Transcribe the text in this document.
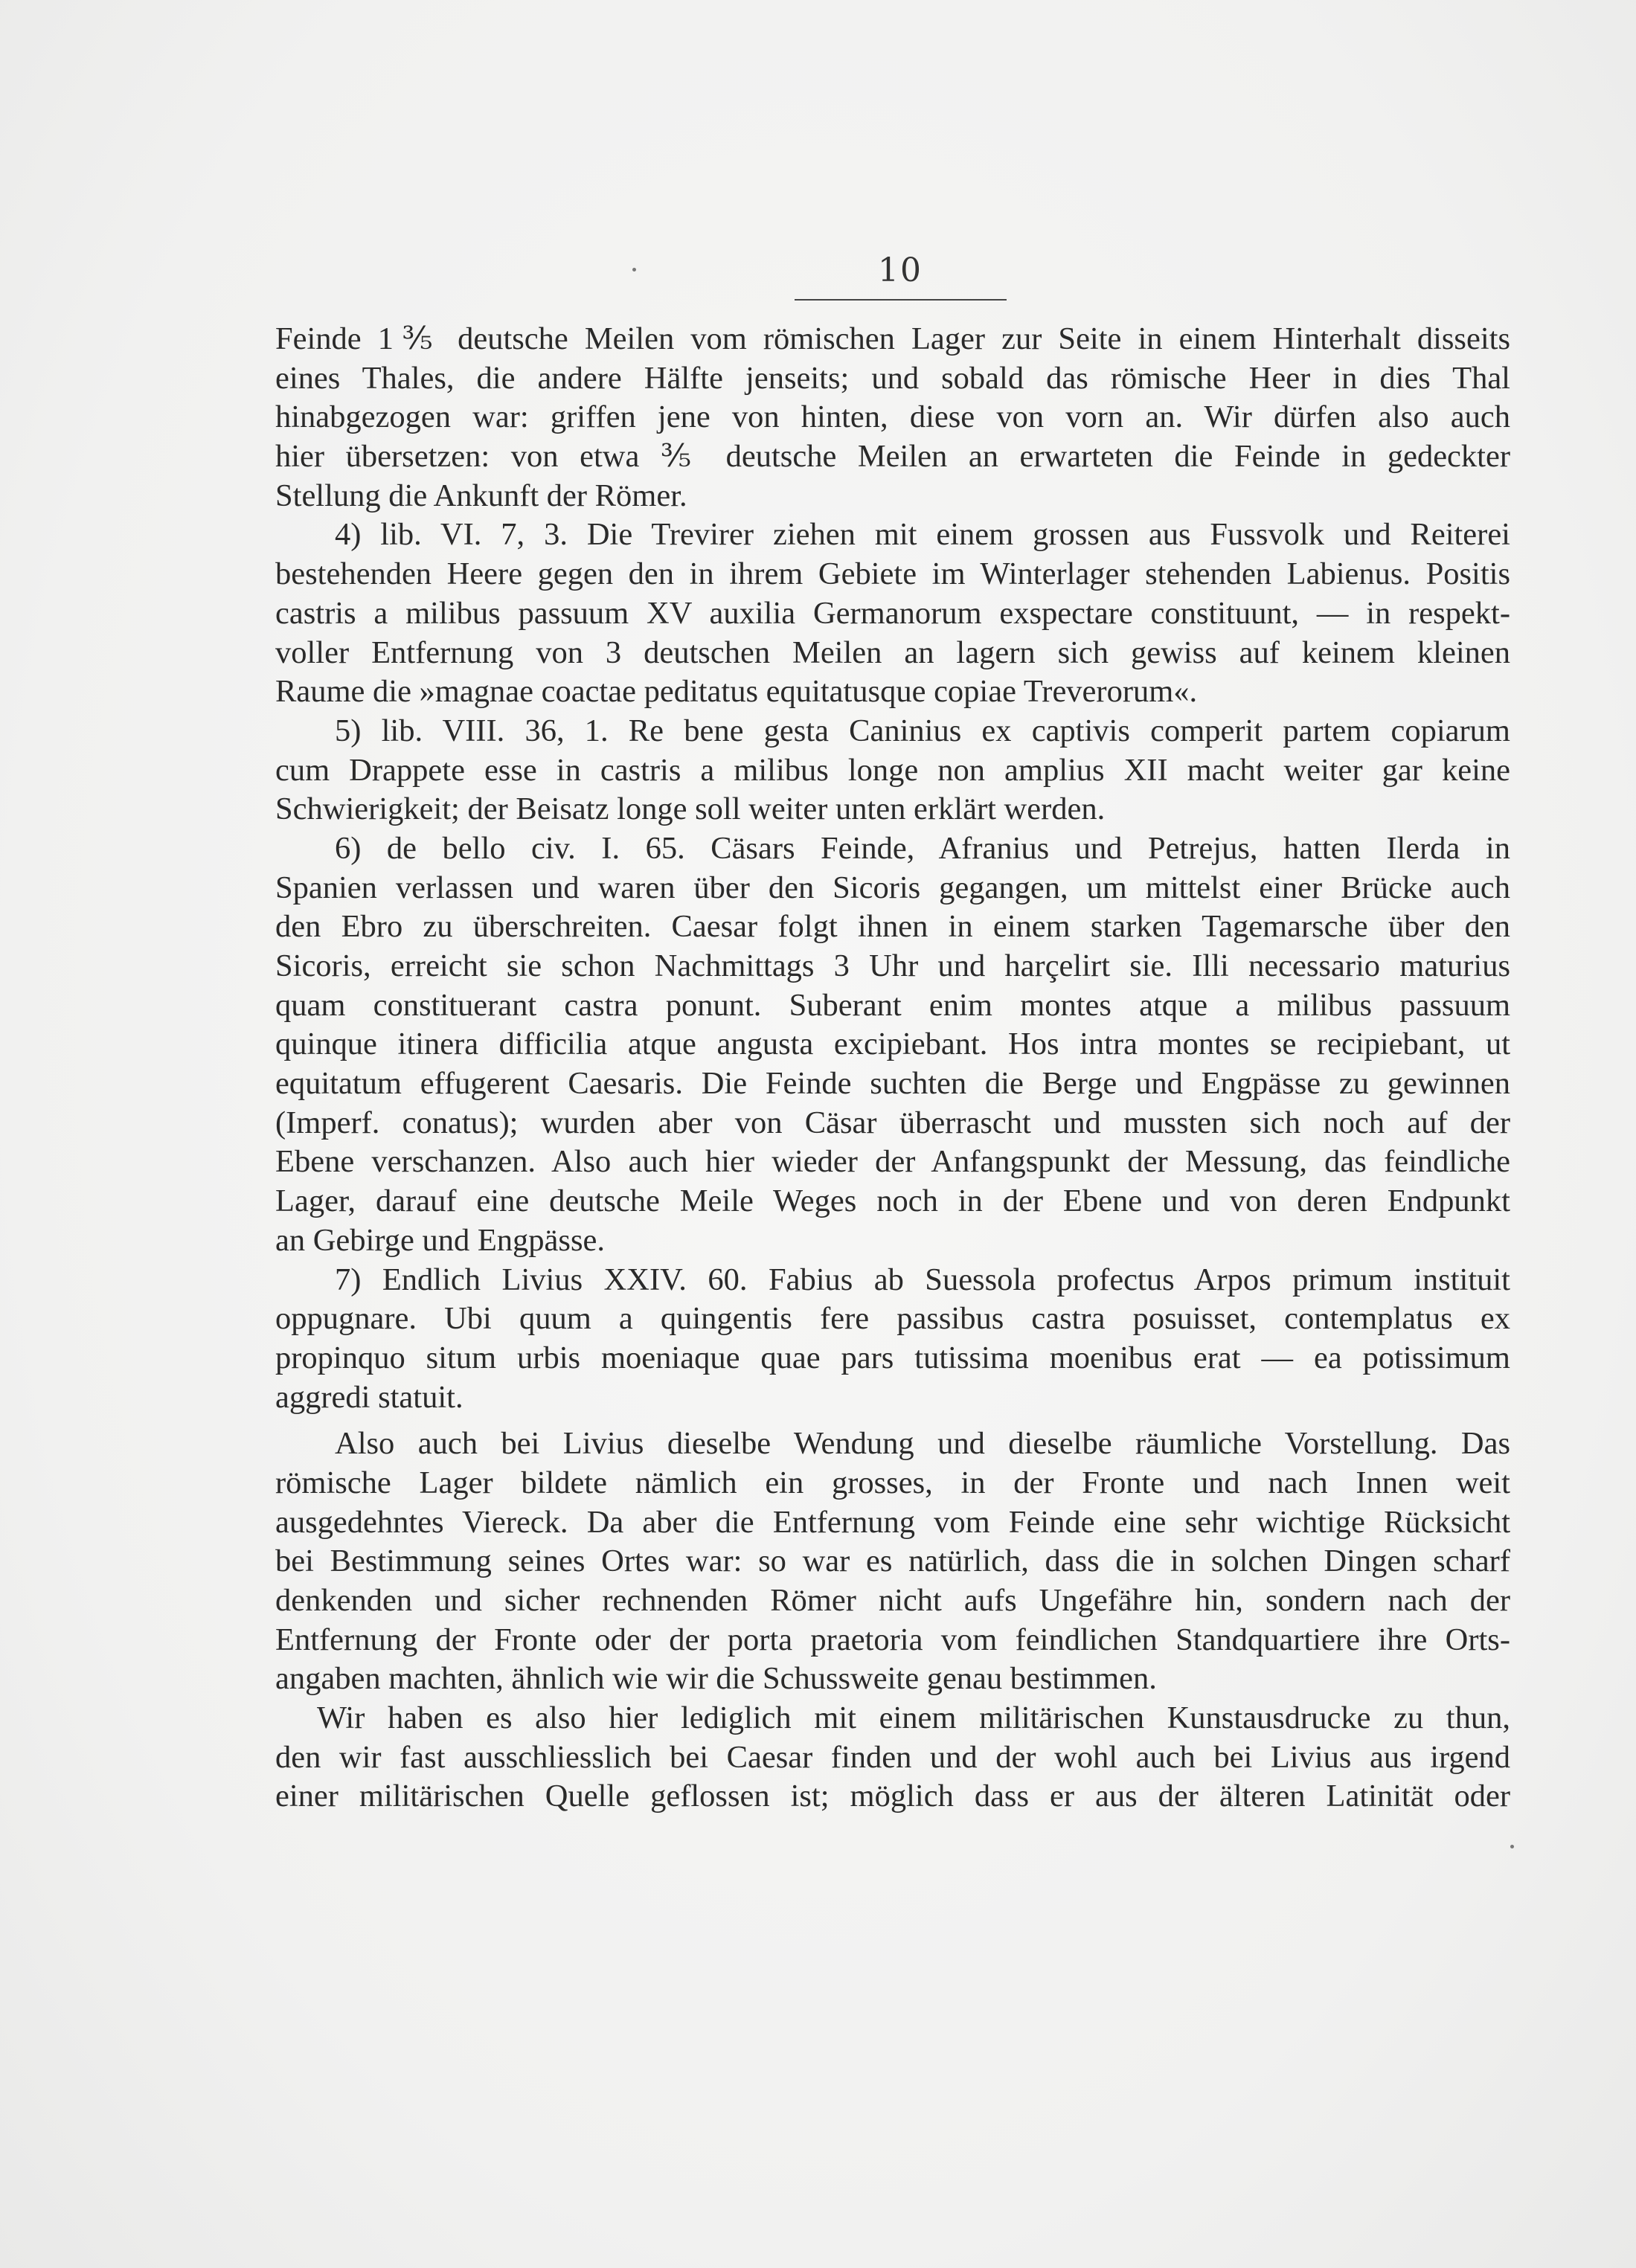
10
Feinde 1⅗ deutsche Meilen vom römischen Lager zur Seite in einem Hinterhalt disseits
eines Thales, die andere Hälfte jenseits; und sobald das römische Heer in dies Thal
hinabgezogen war: griffen jene von hinten, diese von vorn an. Wir dürfen also auch
hier übersetzen: von etwa ⅗ deutsche Meilen an erwarteten die Feinde in gedeckter
Stellung die Ankunft der Römer.
4) lib. VI. 7, 3. Die Trevirer ziehen mit einem grossen aus Fussvolk und Reiterei
bestehenden Heere gegen den in ihrem Gebiete im Winterlager stehenden Labienus. Positis
castris a milibus passuum XV auxilia Germanorum exspectare constituunt, — in respekt-
voller Entfernung von 3 deutschen Meilen an lagern sich gewiss auf keinem kleinen
Raume die »magnae coactae peditatus equitatusque copiae Treverorum«.
5) lib. VIII. 36, 1. Re bene gesta Caninius ex captivis comperit partem copiarum
cum Drappete esse in castris a milibus longe non amplius XII macht weiter gar keine
Schwierigkeit; der Beisatz longe soll weiter unten erklärt werden.
6) de bello civ. I. 65. Cäsars Feinde, Afranius und Petrejus, hatten Ilerda in
Spanien verlassen und waren über den Sicoris gegangen, um mittelst einer Brücke auch
den Ebro zu überschreiten. Caesar folgt ihnen in einem starken Tagemarsche über den
Sicoris, erreicht sie schon Nachmittags 3 Uhr und harçelirt sie. Illi necessario maturius
quam constituerant castra ponunt. Suberant enim montes atque a milibus passuum
quinque itinera difficilia atque angusta excipiebant. Hos intra montes se recipiebant, ut
equitatum effugerent Caesaris. Die Feinde suchten die Berge und Engpässe zu gewinnen
(Imperf. conatus); wurden aber von Cäsar überrascht und mussten sich noch auf der
Ebene verschanzen. Also auch hier wieder der Anfangspunkt der Messung, das feindliche
Lager, darauf eine deutsche Meile Weges noch in der Ebene und von deren Endpunkt
an Gebirge und Engpässe.
7) Endlich Livius XXIV. 60. Fabius ab Suessola profectus Arpos primum instituit
oppugnare. Ubi quum a quingentis fere passibus castra posuisset, contemplatus ex
propinquo situm urbis moeniaque quae pars tutissima moenibus erat — ea potissimum
aggredi statuit.
Also auch bei Livius dieselbe Wendung und dieselbe räumliche Vorstellung. Das
römische Lager bildete nämlich ein grosses, in der Fronte und nach Innen weit
ausgedehntes Viereck. Da aber die Entfernung vom Feinde eine sehr wichtige Rücksicht
bei Bestimmung seines Ortes war: so war es natürlich, dass die in solchen Dingen scharf
denkenden und sicher rechnenden Römer nicht aufs Ungefähre hin, sondern nach der
Entfernung der Fronte oder der porta praetoria vom feindlichen Standquartiere ihre Orts-
angaben machten, ähnlich wie wir die Schussweite genau bestimmen.
Wir haben es also hier lediglich mit einem militärischen Kunstausdrucke zu thun,
den wir fast ausschliesslich bei Caesar finden und der wohl auch bei Livius aus irgend
einer militärischen Quelle geflossen ist; möglich dass er aus der älteren Latinität oder
